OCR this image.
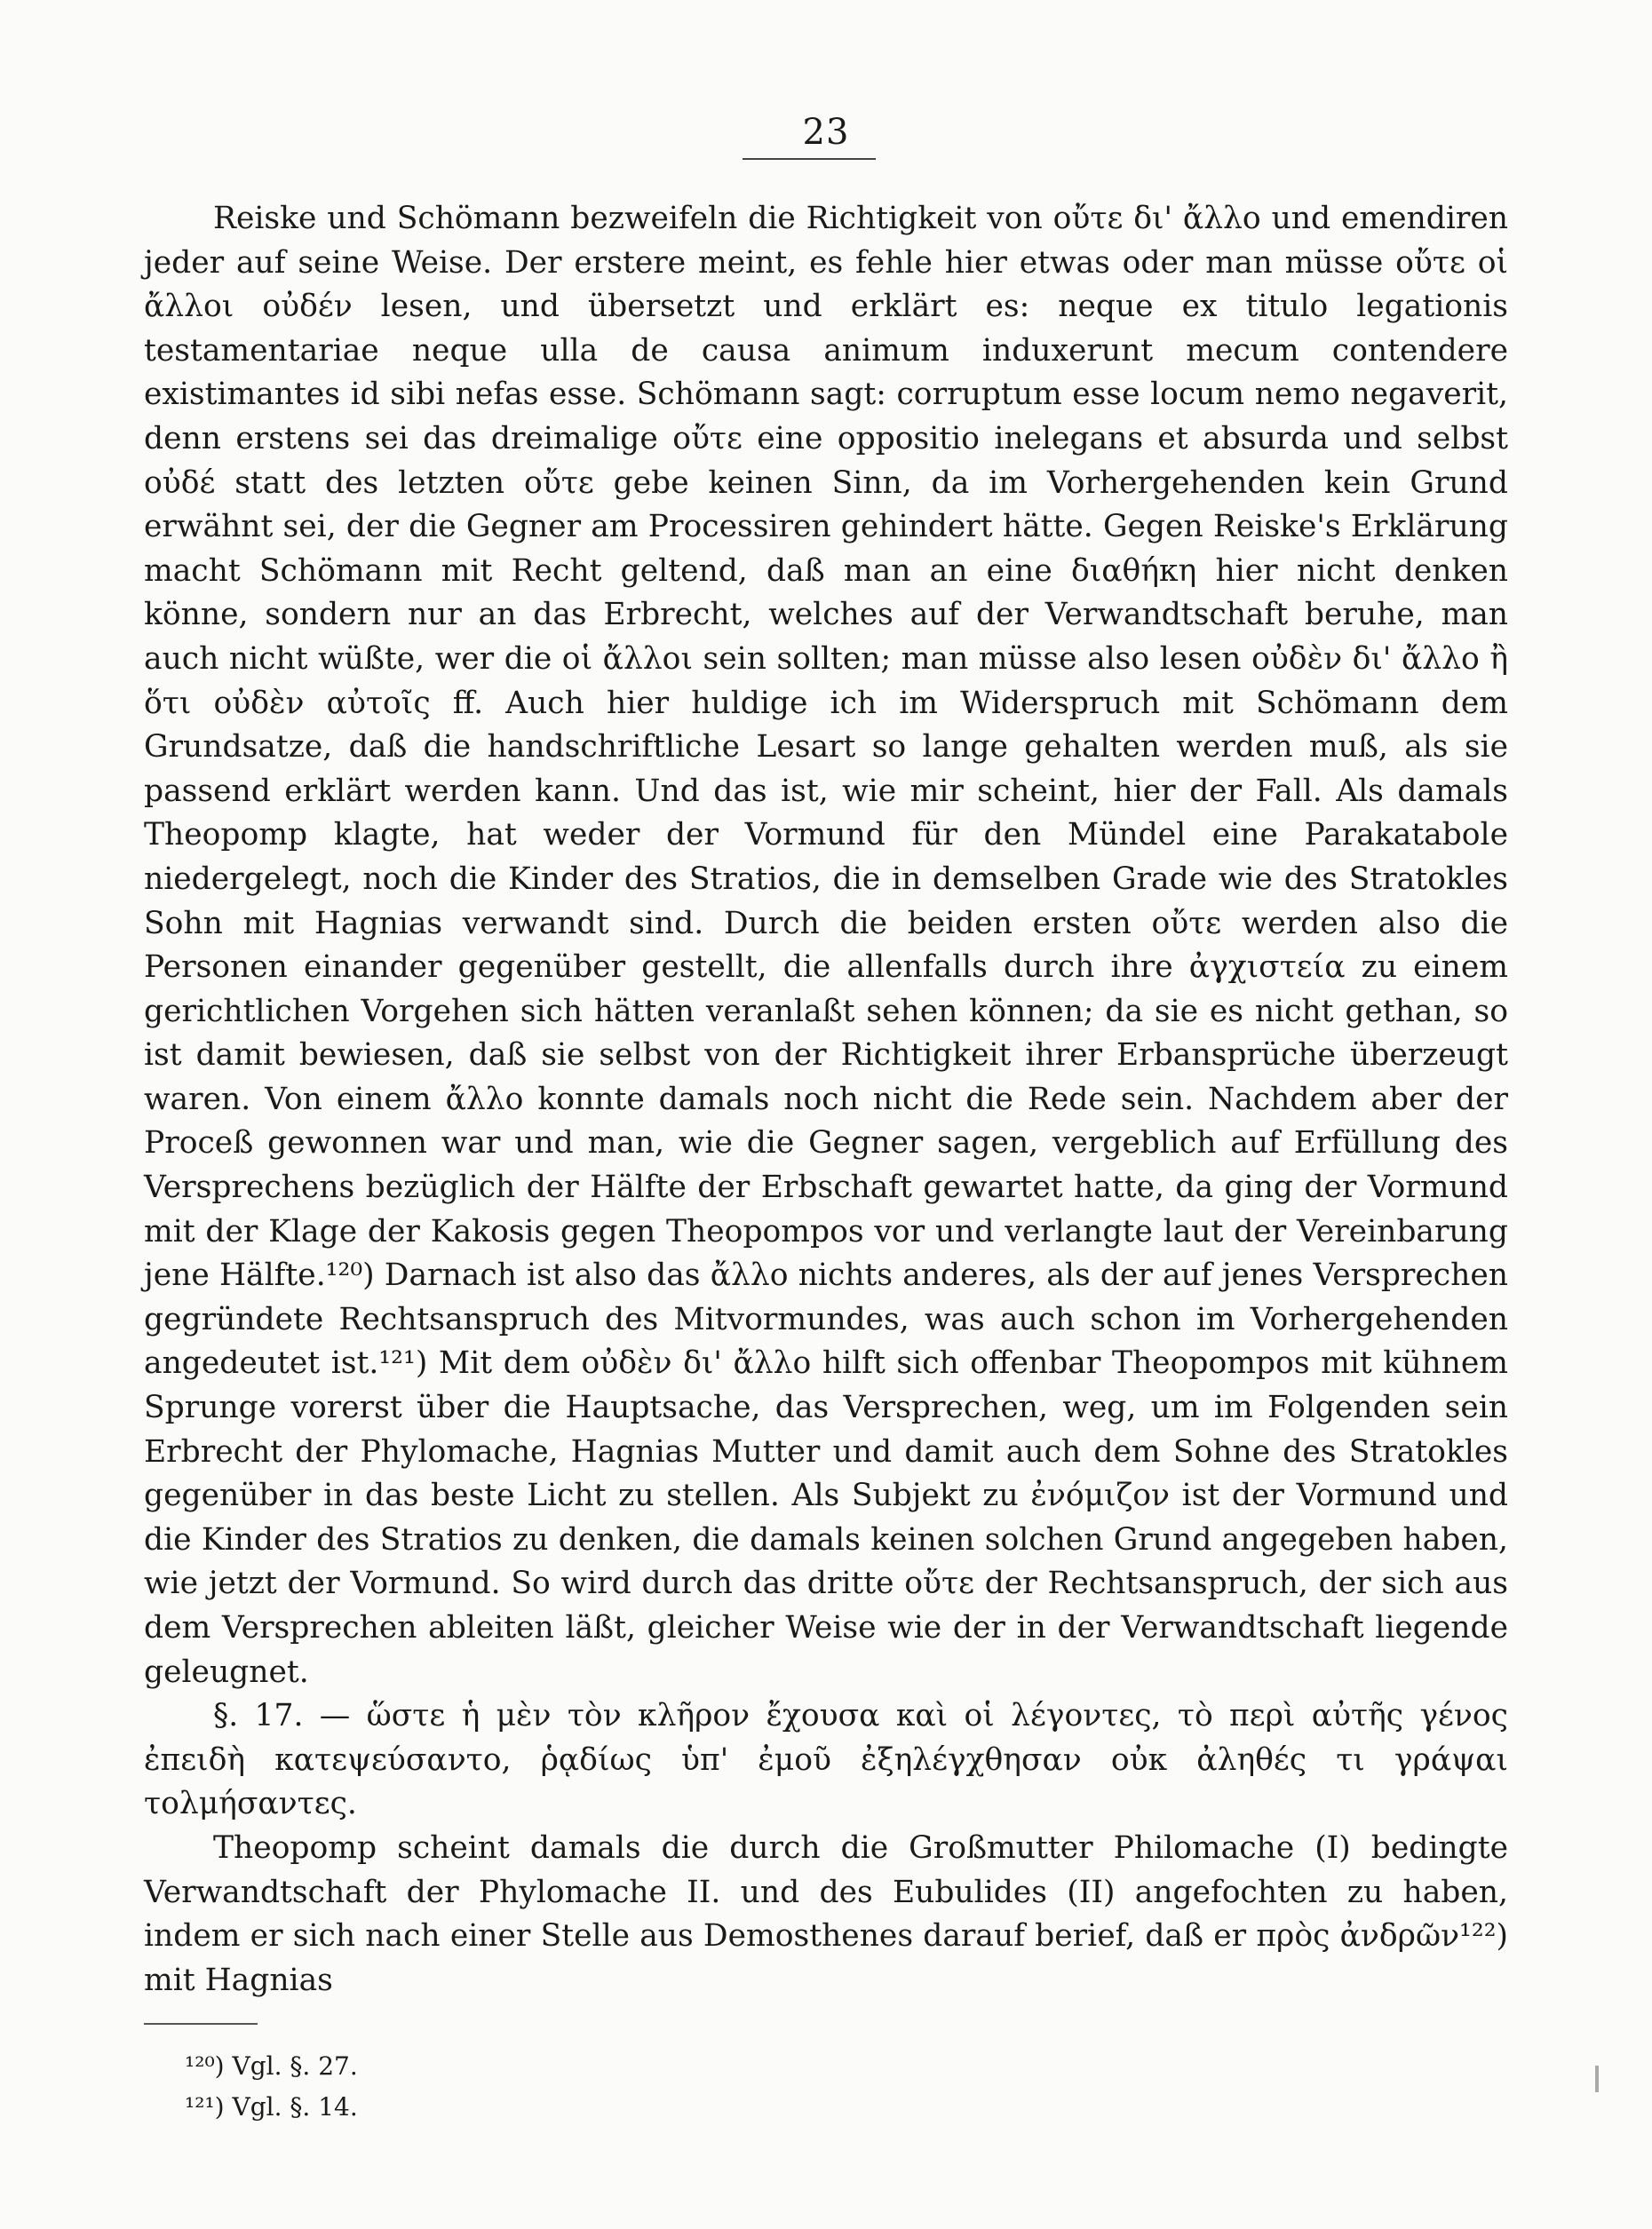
23

Reiske und Schömann bezweifeln die Richtigkeit von οὔτε δι' ἄλλο und emendiren jeder auf seine Weise. Der erstere meint, es fehle hier etwas oder man müsse οὔτε οἱ ἄλλοι οὐδέν lesen, und übersetzt und erklärt es: neque ex titulo legationis testamentariae neque ulla de causa animum induxerunt mecum contendere existimantes id sibi nefas esse. Schömann sagt: corruptum esse locum nemo negaverit, denn erstens sei das dreimalige οὔτε eine oppositio inelegans et absurda und selbst οὐδέ statt des letzten οὔτε gebe keinen Sinn, da im Vorhergehenden kein Grund erwähnt sei, der die Gegner am Processiren gehindert hätte. Gegen Reiske's Erklärung macht Schömann mit Recht geltend, daß man an eine διαθήκη hier nicht denken könne, sondern nur an das Erbrecht, welches auf der Verwandtschaft beruhe, man auch nicht wüßte, wer die οἱ ἄλλοι sein sollten; man müsse also lesen οὐδὲν δι' ἄλλο ἢ ὅτι οὐδὲν αὐτοῖς ff. Auch hier huldige ich im Widerspruch mit Schömann dem Grundsatze, daß die handschriftliche Lesart so lange gehalten werden muß, als sie passend erklärt werden kann. Und das ist, wie mir scheint, hier der Fall. Als damals Theopomp klagte, hat weder der Vormund für den Mündel eine Parakatabole niedergelegt, noch die Kinder des Stratios, die in demselben Grade wie des Stratokles Sohn mit Hagnias verwandt sind. Durch die beiden ersten οὔτε werden also die Personen einander gegenüber gestellt, die allenfalls durch ihre ἀγχιστεία zu einem gerichtlichen Vorgehen sich hätten veranlaßt sehen können; da sie es nicht gethan, so ist damit bewiesen, daß sie selbst von der Richtigkeit ihrer Erbansprüche überzeugt waren. Von einem ἄλλο konnte damals noch nicht die Rede sein. Nachdem aber der Proceß gewonnen war und man, wie die Gegner sagen, vergeblich auf Erfüllung des Versprechens bezüglich der Hälfte der Erbschaft gewartet hatte, da ging der Vormund mit der Klage der Kakosis gegen Theopompos vor und verlangte laut der Vereinbarung jene Hälfte.¹²⁰) Darnach ist also das ἄλλο nichts anderes, als der auf jenes Versprechen gegründete Rechtsanspruch des Mitvormundes, was auch schon im Vorhergehenden angedeutet ist.¹²¹) Mit dem οὐδὲν δι' ἄλλο hilft sich offenbar Theopompos mit kühnem Sprunge vorerst über die Hauptsache, das Versprechen, weg, um im Folgenden sein Erbrecht der Phylomache, Hagnias Mutter und damit auch dem Sohne des Stratokles gegenüber in das beste Licht zu stellen. Als Subjekt zu ἐνόμιζον ist der Vormund und die Kinder des Stratios zu denken, die damals keinen solchen Grund angegeben haben, wie jetzt der Vormund. So wird durch das dritte οὔτε der Rechtsanspruch, der sich aus dem Versprechen ableiten läßt, gleicher Weise wie der in der Verwandtschaft liegende geleugnet.

§. 17. — ὥστε ἡ μὲν τὸν κλῆρον ἔχουσα καὶ οἱ λέγοντες, τὸ περὶ αὐτῆς γένος ἐπειδὴ κατεψεύσαντο, ῥᾳδίως ὑπ' ἐμοῦ ἐξηλέγχθησαν οὐκ ἀληθές τι γράψαι τολμήσαντες.

Theopomp scheint damals die durch die Großmutter Philomache (I) bedingte Verwandtschaft der Phylomache II. und des Eubulides (II) angefochten zu haben, indem er sich nach einer Stelle aus Demosthenes darauf berief, daß er πρὸς ἀνδρῶν¹²²) mit Hagnias

¹²⁰) Vgl. §. 27.
¹²¹) Vgl. §. 14.
